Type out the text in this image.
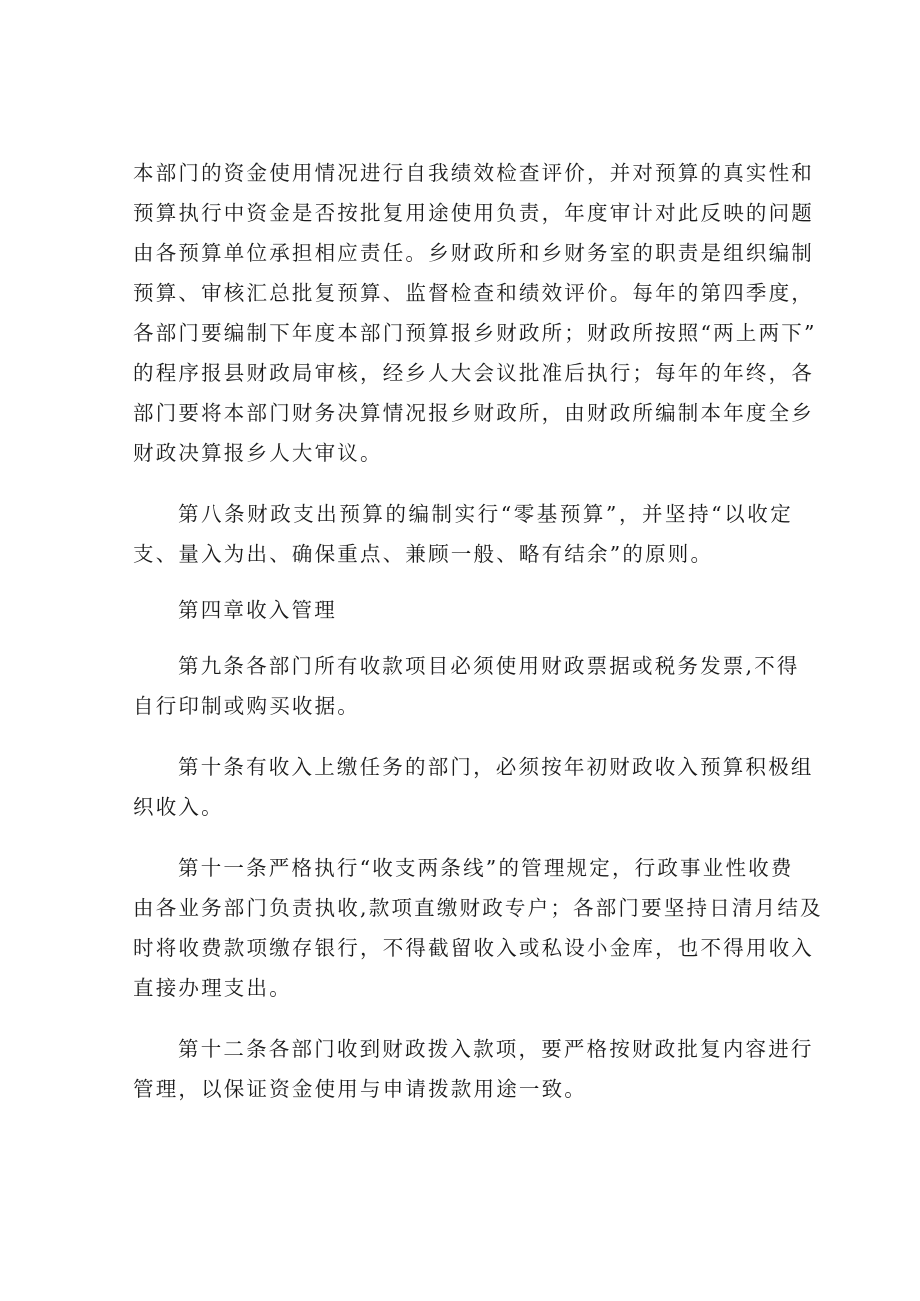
本部门的资金使用情况进行自我绩效检查评价，并对预算的真实性和
预算执行中资金是否按批复用途使用负责，年度审计对此反映的问题
由各预算单位承担相应责任。乡财政所和乡财务室的职责是组织编制
预算、审核汇总批复预算、监督检查和绩效评价。每年的第四季度，
各部门要编制下年度本部门预算报乡财政所；财政所按照“两上两下”
的程序报县财政局审核，经乡人大会议批准后执行；每年的年终，各
部门要将本部门财务决算情况报乡财政所，由财政所编制本年度全乡
财政决算报乡人大审议。
第八条财政支出预算的编制实行“零基预算”，并坚持“以收定
支、量入为出、确保重点、兼顾一般、略有结余”的原则。
第四章收入管理
第九条各部门所有收款项目必须使用财政票据或税务发票,不得
自行印制或购买收据。
第十条有收入上缴任务的部门，必须按年初财政收入预算积极组
织收入。
第十一条严格执行“收支两条线”的管理规定，行政事业性收费
由各业务部门负责执收,款项直缴财政专户；各部门要坚持日清月结及
时将收费款项缴存银行，不得截留收入或私设小金库，也不得用收入
直接办理支出。
第十二条各部门收到财政拨入款项，要严格按财政批复内容进行
管理，以保证资金使用与申请拨款用途一致。
